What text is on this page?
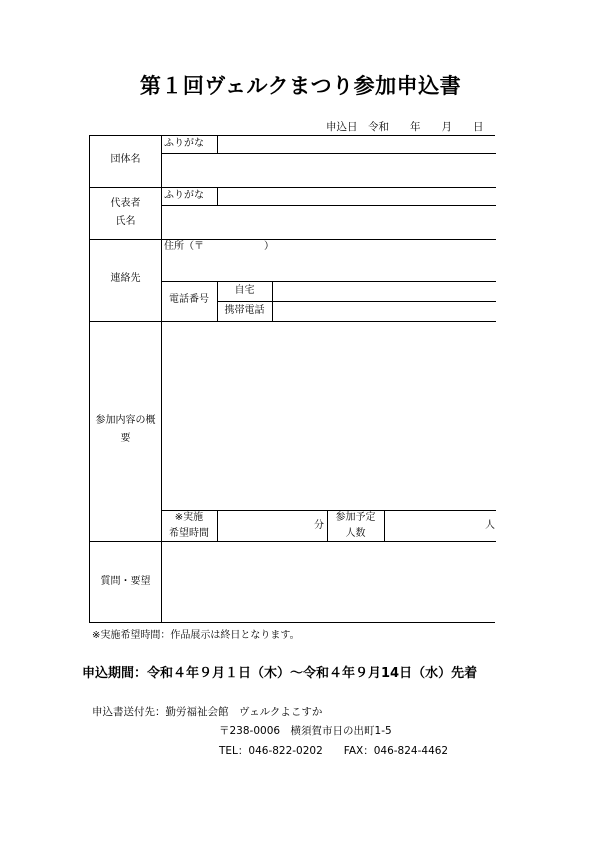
第１回ヴェルクまつり参加申込書
申込日　令和　　年　　月　　日
団体名
ふりがな
代表者
氏名
ふりがな
連絡先
住所（〒　　　　　　）
電話番号
自宅
携帯電話
参加内容の概
要
※実施
希望時間
分
参加予定
人数
人
質問・要望
※実施希望時間：作品展示は終日となります。
申込期間：令和４年９月１日（木）～令和４年９月14日（水）先着
申込書送付先：勤労福祉会館　ヴェルクよこすか
〒238-0006　横須賀市日の出町1-5
TEL：046-822-0202　　FAX：046-824-4462
